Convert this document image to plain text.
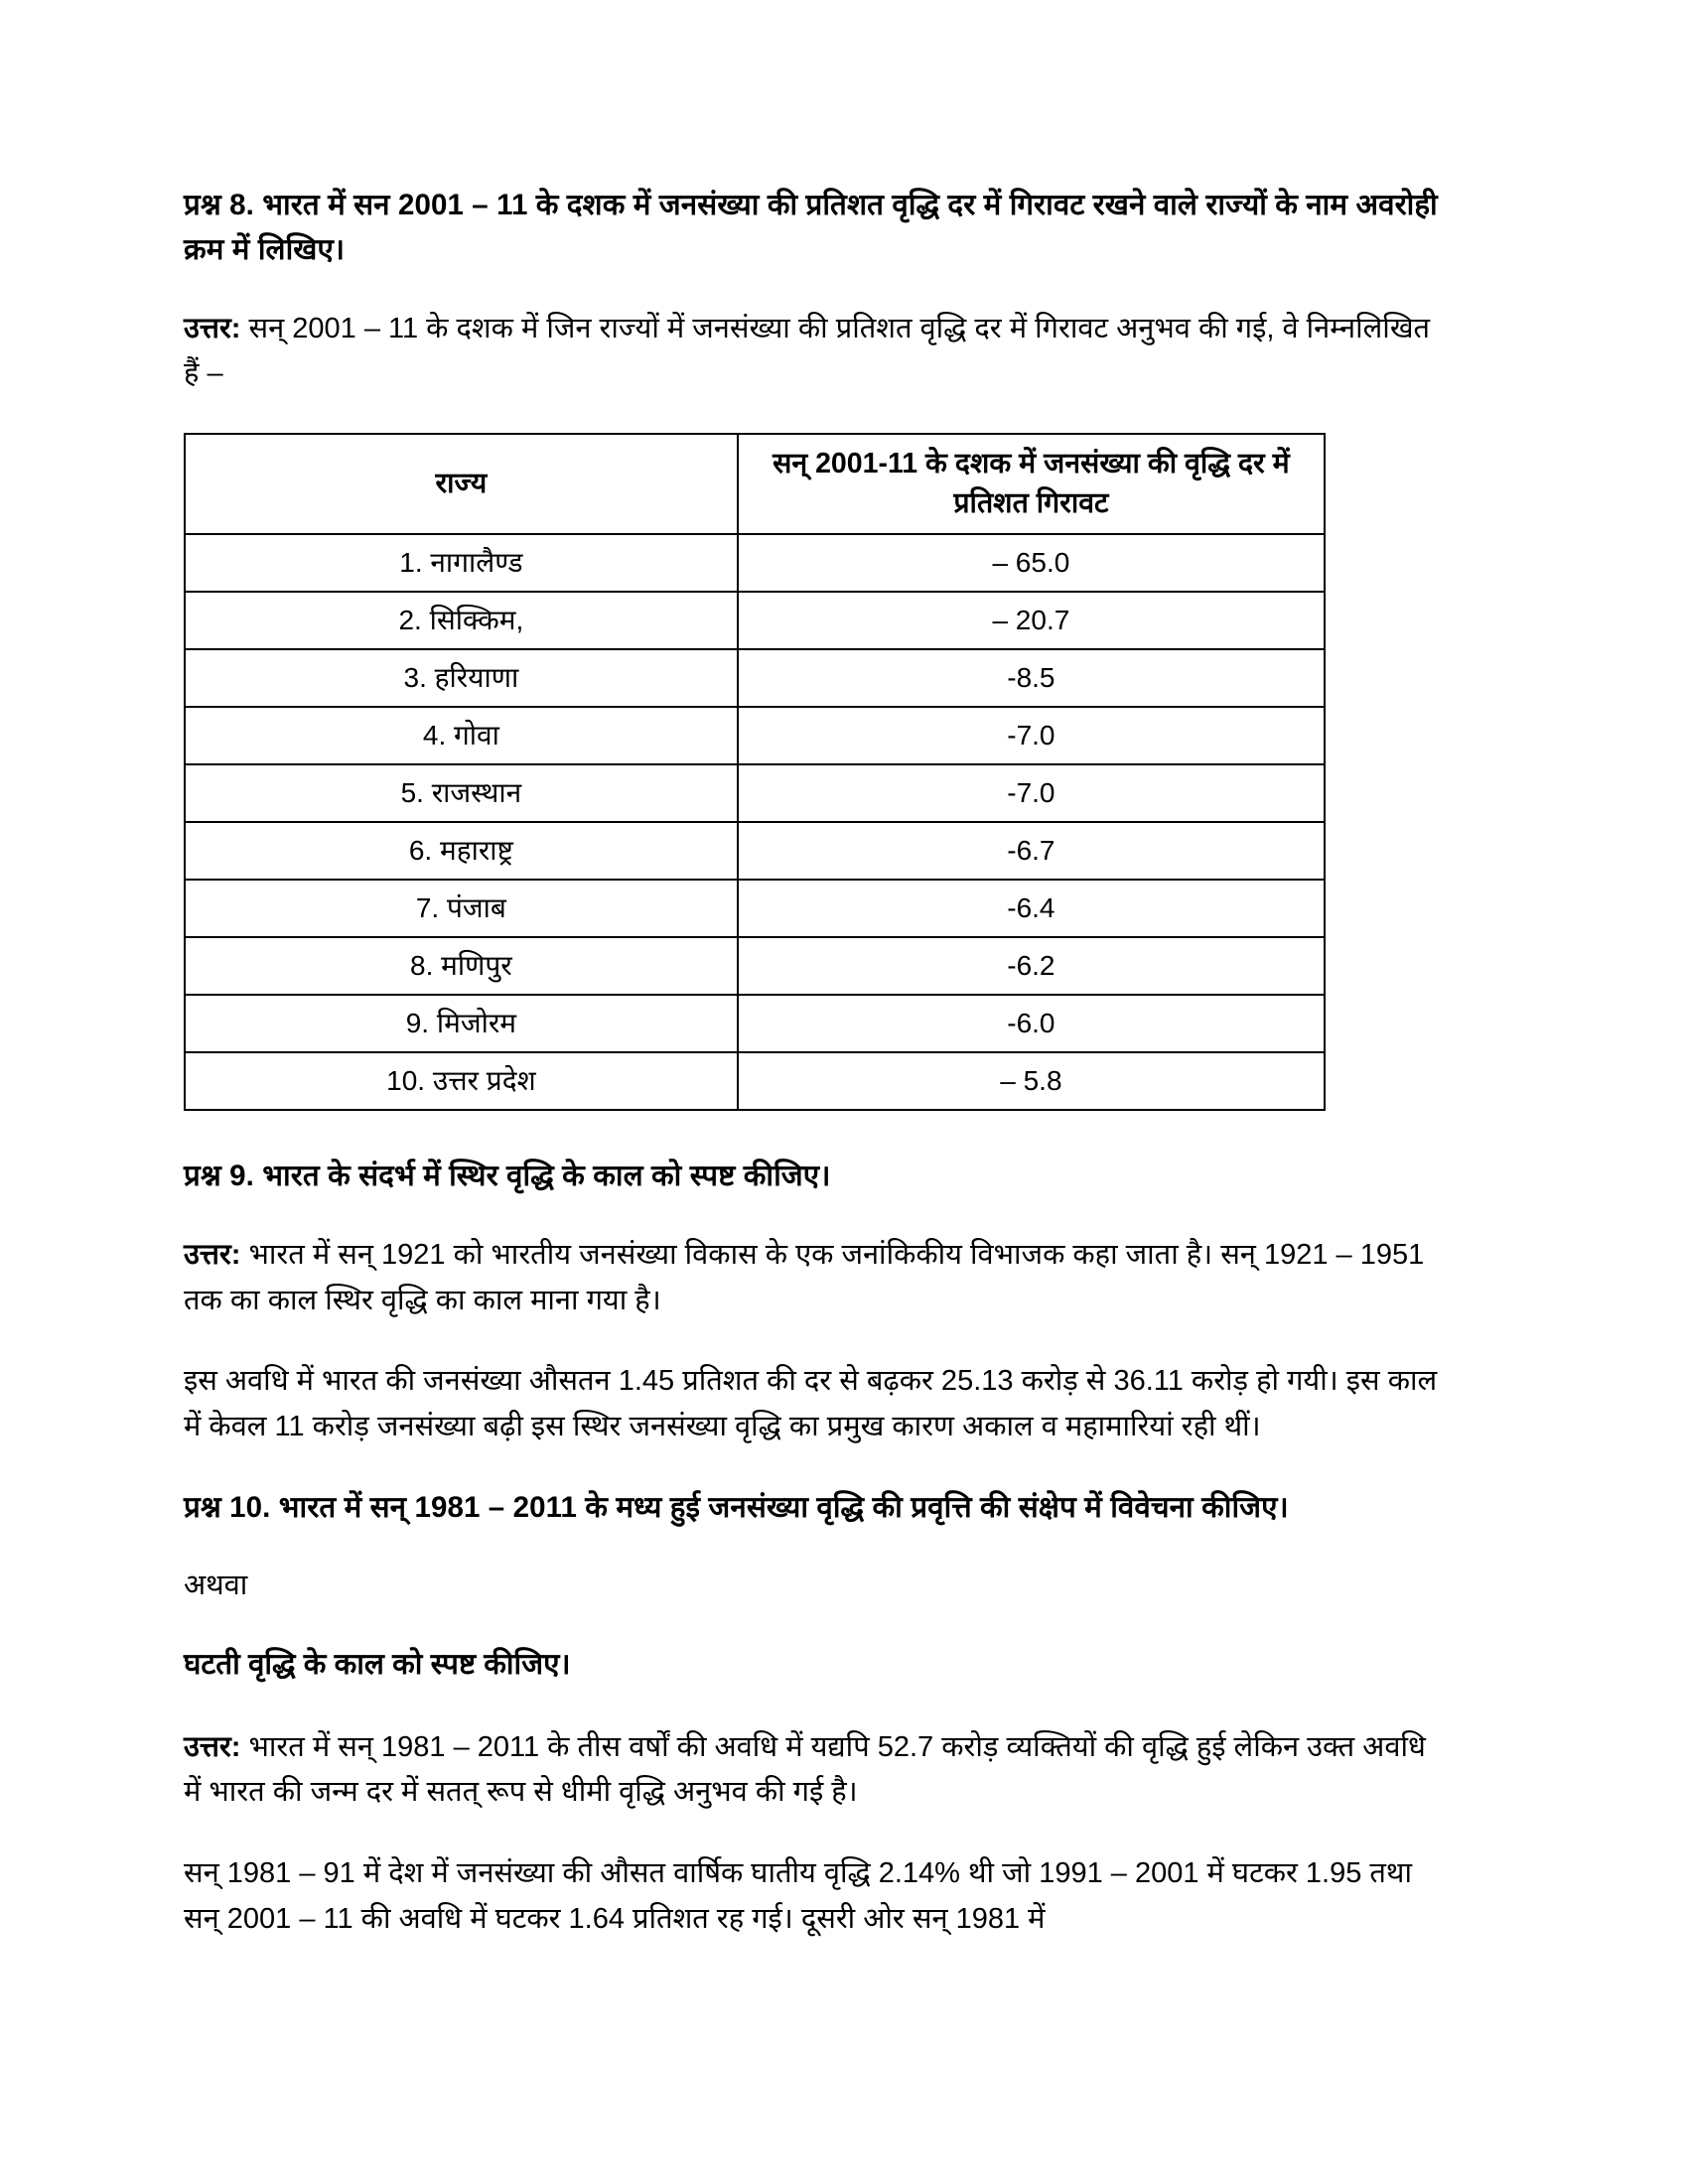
प्रश्न 8. भारत में सन 2001 – 11 के दशक में जनसंख्या की प्रतिशत वृद्धि दर में गिरावट रखने वाले राज्यों के नाम अवरोही क्रम में लिखिए।

उत्तर: सन् 2001 – 11 के दशक में जिन राज्यों में जनसंख्या की प्रतिशत वृद्धि दर में गिरावट अनुभव की गई, वे निम्नलिखित हैं –

राज्य	सन् 2001-11 के दशक में जनसंख्या की वृद्धि दर में प्रतिशत गिरावट
1. नागालैण्ड	– 65.0
2. सिक्किम,	– 20.7
3. हरियाणा	-8.5
4. गोवा	-7.0
5. राजस्थान	-7.0
6. महाराष्ट्र	-6.7
7. पंजाब	-6.4
8. मणिपुर	-6.2
9. मिजोरम	-6.0
10. उत्तर प्रदेश	– 5.8

प्रश्न 9. भारत के संदर्भ में स्थिर वृद्धि के काल को स्पष्ट कीजिए।

उत्तर: भारत में सन् 1921 को भारतीय जनसंख्या विकास के एक जनांकिकीय विभाजक कहा जाता है। सन् 1921 – 1951 तक का काल स्थिर वृद्धि का काल माना गया है।

इस अवधि में भारत की जनसंख्या औसतन 1.45 प्रतिशत की दर से बढ़कर 25.13 करोड़ से 36.11 करोड़ हो गयी। इस काल में केवल 11 करोड़ जनसंख्या बढ़ी इस स्थिर जनसंख्या वृद्धि का प्रमुख कारण अकाल व महामारियां रही थीं।

प्रश्न 10. भारत में सन् 1981 – 2011 के मध्य हुई जनसंख्या वृद्धि की प्रवृत्ति की संक्षेप में विवेचना कीजिए।

अथवा

घटती वृद्धि के काल को स्पष्ट कीजिए।

उत्तर: भारत में सन् 1981 – 2011 के तीस वर्षों की अवधि में यद्यपि 52.7 करोड़ व्यक्तियों की वृद्धि हुई लेकिन उक्त अवधि में भारत की जन्म दर में सतत् रूप से धीमी वृद्धि अनुभव की गई है।

सन् 1981 – 91 में देश में जनसंख्या की औसत वार्षिक घातीय वृद्धि 2.14% थी जो 1991 – 2001 में घटकर 1.95 तथा सन् 2001 – 11 की अवधि में घटकर 1.64 प्रतिशत रह गई। दूसरी ओर सन् 1981 में
